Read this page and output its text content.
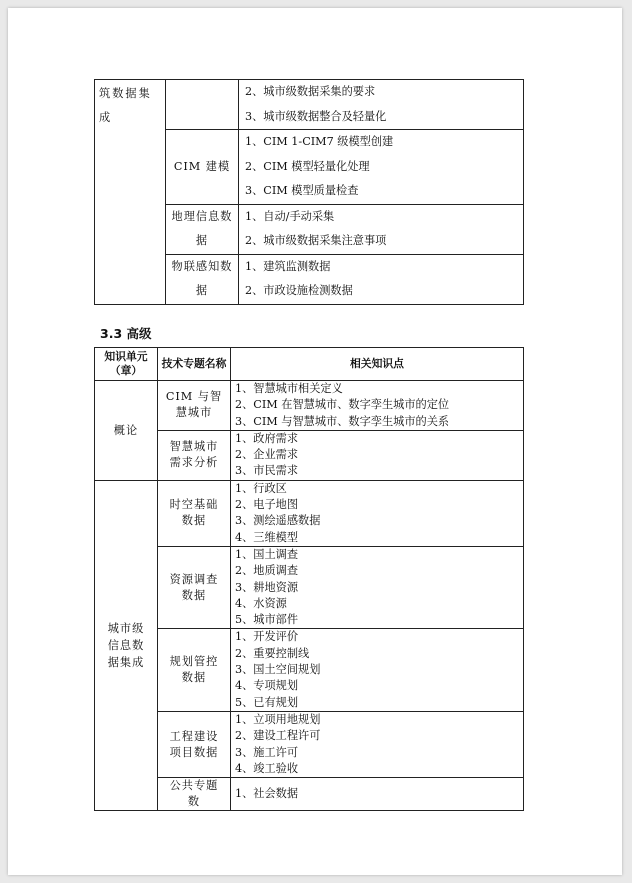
筑数据集成		2、城市级数据采集的要求
3、城市级数据整合及轻量化

	CIM 建模	1、CIM 1-CIM7 级模型创建
2、CIM 模型轻量化处理
3、CIM 模型质量检查

	地理信息数据	1、自动/手动采集
2、城市级数据采集注意事项

	物联感知数据	1、建筑监测数据
2、市政设施检测数据
3.3 高级
知识单元（章）	技术专题名称	相关知识点
概论	CIM 与智慧城市	1、智慧城市相关定义
2、CIM 在智慧城市、数字孪生城市的定位
3、CIM 与智慧城市、数字孪生城市的关系

	智慧城市需求分析	1、政府需求
2、企业需求
3、市民需求

城市级信息数据集成	时空基础数据	1、行政区
2、电子地图
3、测绘遥感数据
4、三维模型

	资源调查数据	1、国土调查
2、地质调查
3、耕地资源
4、水资源
5、城市部件

	规划管控数据	1、开发评价
2、重要控制线
3、国土空间规划
4、专项规划
5、已有规划

	工程建设项目数据	1、立项用地规划
2、建设工程许可
3、施工许可
4、竣工验收

	公共专题数	1、社会数据
